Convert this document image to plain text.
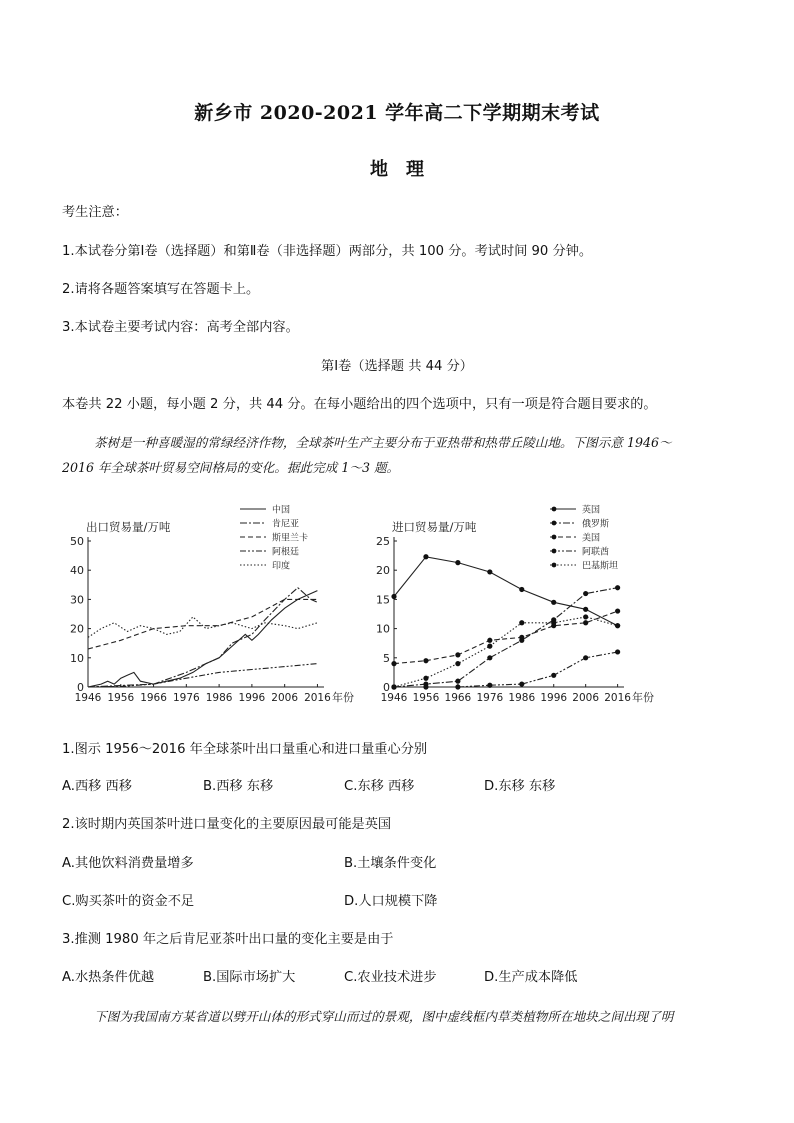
新乡市 2020-2021 学年高二下学期期末考试
地　理
考生注意：
1.本试卷分第Ⅰ卷（选择题）和第Ⅱ卷（非选择题）两部分，共 100 分。考试时间 90 分钟。
2.请将各题答案填写在答题卡上。
3.本试卷主要考试内容：高考全部内容。
第Ⅰ卷（选择题 共 44 分）
本卷共 22 小题，每小题 2 分，共 44 分。在每小题给出的四个选项中，只有一项是符合题目要求的。
茶树是一种喜暖湿的常绿经济作物，全球茶叶生产主要分布于亚热带和热带丘陵山地。下图示意 1946～
2016 年全球茶叶贸易空间格局的变化。据此完成 1～3 题。
出口贸易量/万吨
0
10
20
30
40
50
1946 1956 1966 1976 1986 1996 2006 2016 年份
中国
肯尼亚
斯里兰卡
阿根廷
印度
进口贸易量/万吨
0
5
10
15
20
25
1946 1956 1966 1976 1986 1996 2006 2016 年份
英国
俄罗斯
美国
阿联酋
巴基斯坦
1.图示 1956～2016 年全球茶叶出口量重心和进口量重心分别
A.西移 西移	B.西移 东移	C.东移 西移	D.东移 东移
2.该时期内英国茶叶进口量变化的主要原因最可能是英国
A.其他饮料消费量增多	B.土壤条件变化
C.购买茶叶的资金不足	D.人口规模下降
3.推测 1980 年之后肯尼亚茶叶出口量的变化主要是由于
A.水热条件优越	B.国际市场扩大	C.农业技术进步	D.生产成本降低
下图为我国南方某省道以劈开山体的形式穿山而过的景观，图中虚线框内草类植物所在地块之间出现了明
